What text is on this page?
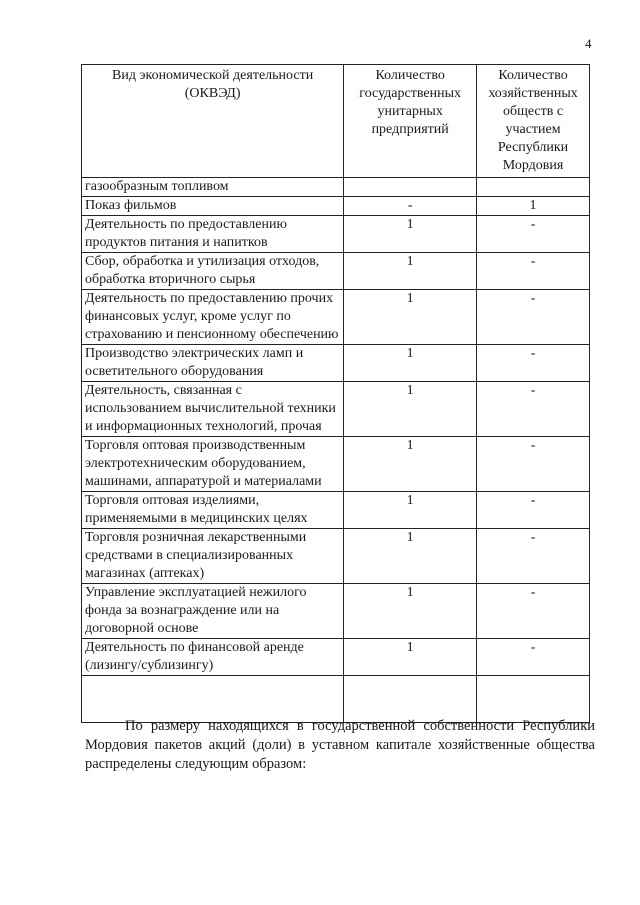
4
Вид экономической деятельности (ОКВЭД)	Количество государственных унитарных предприятий	Количество хозяйственных обществ с участием Республики Мордовия
газообразным топливом		
Показ фильмов	-	1
Деятельность по предоставлению продуктов питания и напитков	1	-
Сбор, обработка и утилизация отходов, обработка вторичного сырья	1	-
Деятельность по предоставлению прочих финансовых услуг, кроме услуг по страхованию и пенсионному обеспечению	1	-
Производство электрических ламп и осветительного оборудования	1	-
Деятельность, связанная с использованием вычислительной техники и информационных технологий, прочая	1	-
Торговля оптовая производственным электротехническим оборудованием, машинами, аппаратурой и материалами	1	-
Торговля оптовая изделиями, применяемыми в медицинских целях	1	-
Торговля розничная лекарственными средствами в специализированных магазинах (аптеках)	1	-
Управление эксплуатацией нежилого фонда за вознаграждение или на договорной основе	1	-
Деятельность по финансовой аренде (лизингу/сублизингу)	1	-

По размеру находящихся в государственной собственности Республики Мордовия пакетов акций (доли) в уставном капитале хозяйственные общества распределены следующим образом:
